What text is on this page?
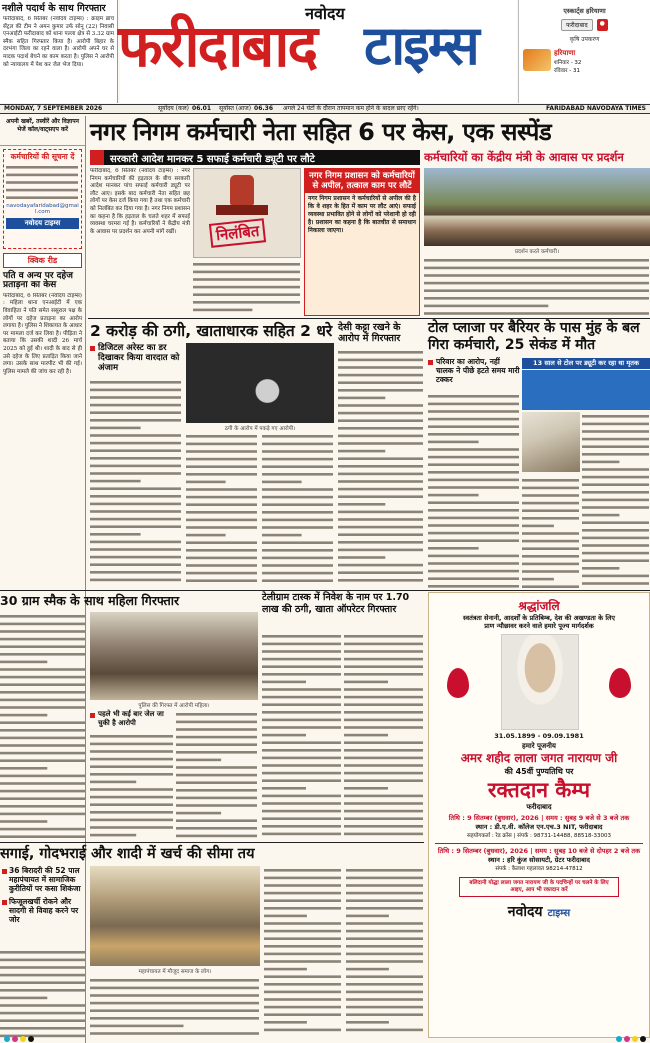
नशीले पदार्थ के साथ गिरफ्तार
फरीदाबाद, 6 सितंबर (नवोदय टाइम्स) : क्राइम ब्रांच सेंट्रल की टीम ने अमन कुमार उर्फ सोनू (22) निवासी एनआईटी फरीदाबाद को थाना पल्ला क्षेत्र से 3.32 ग्राम स्मैक सहित गिरफ्तार किया है। आरोपी बिहार के दरभंगा जिला का रहने वाला है। आरोपी अपने घर से मादक पदार्थ बेचने का काम करता है। पुलिस ने आरोपी को न्यायालय में पेश कर जेल भेज दिया।
नवोदय
फरीदाबाद टाइम्स
एस्कार्ट्स हरियाणा
फरीदाबाद	●
कृषि उपकरण
हरियाणा
शनिवार - 32
रविवार - 31
MONDAY, 7 SEPTEMBER 2026	सूर्योदय (कल) 06.01 सूर्यास्त (आज) 06.36 अगले 24 घंटों के दौरान तापमान कम होने के बादल छाए रहेंगे।	FARIDABAD NAVODAYA TIMES
अपनी खबरें, तस्वीरें और विज्ञापन भेजें कॉल/वाट्सएप करें
कर्मचारियों की सूचना दें
navodayafaridabad@gmail.com
नवोदय टाइम्स
क्विक रीड
पति व अन्य पर दहेज प्रताड़ना का केस
फरीदाबाद, 6 सितंबर (नवोदय टाइम्स) : महिला थाना एनआईटी में एक विवाहिता ने पति समेत ससुराल पक्ष के लोगों पर दहेज प्रताड़ना का आरोप लगाया है। पुलिस ने शिकायत के आधार पर मामला दर्ज कर लिया है। पीड़िता ने बताया कि उसकी शादी 26 मार्च 2025 को हुई थी। शादी के बाद से ही उसे दहेज के लिए प्रताड़ित किया जाने लगा। उसके साथ मारपीट भी की गई। पुलिस मामले की जांच कर रही है।
नगर निगम कर्मचारी नेता सहित 6 पर केस, एक सस्पेंड
सरकारी आदेश मानकर 5 सफाई कर्मचारी ड्यूटी पर लौटे	कर्मचारियों का केंद्रीय मंत्री के आवास पर प्रदर्शन
फरीदाबाद, 6 सितंबर (नवोदय टाइम्स) : नगर निगम कर्मचारियों की हड़ताल के बीच सरकारी आदेश मानकर पांच सफाई कर्मचारी ड्यूटी पर लौट आए। इसके बाद कर्मचारी नेता सहित छह लोगों पर केस दर्ज किया गया है तथा एक कर्मचारी को निलंबित कर दिया गया है। नगर निगम प्रशासन का कहना है कि हड़ताल के चलते शहर में सफाई व्यवस्था चरमरा गई है। कर्मचारियों ने केंद्रीय मंत्री के आवास पर प्रदर्शन कर अपनी मांगें रखीं।	निलंबित
नगर निगम प्रशासन को कर्मचारियों से अपील, तत्काल काम पर लौटें
नगर निगम प्रशासन ने कर्मचारियों से अपील की है कि वे शहर के हित में काम पर लौट आएं। सफाई व्यवस्था प्रभावित होने से लोगों को परेशानी हो रही है। प्रशासन का कहना है कि बातचीत से समाधान निकाला जाएगा।
प्रदर्शन करते कर्मचारी।
2 करोड़ की ठगी, खाताधारक सहित 2 धरे
डिजिटल अरेस्ट का डर दिखाकर किया वारदात को अंजाम
ठगी के आरोप में पकड़े गए आरोपी।
देसी कट्टा रखने के आरोप में गिरफ्तार
टोल प्लाजा पर बैरियर के पास मुंह के बल गिरा कर्मचारी, 25 सेकंड में मौत
परिवार का आरोप, नहीं चालक ने पीछे हटते समय मारी टक्कर
13 साल से टोल पर ड्यूटी कर रहा था मृतक
30 ग्राम स्मैक के साथ महिला गिरफ्तार
पुलिस की गिरफ्त में आरोपी महिला।
पहले भी कई बार जेल जा चुकी है आरोपी
टेलीग्राम टास्क में निवेश के नाम पर 1.70 लाख की ठगी, खाता ऑपरेटर गिरफ्तार
सगाई, गोदभराई और शादी में खर्च की सीमा तय
36 बिरादरी की 52 पाल महापंचायत में सामाजिक कुरीतियों पर कसा शिकंजा
फिजूलखर्ची रोकने और सादगी से विवाह करने पर जोर
महापंचायत में मौजूद समाज के लोग।
श्रद्धांजलि
स्वतंत्रता सेनानी, आदर्शों के प्रतिबिम्ब, देश की अखण्डता के लिए
प्राण न्यौछावर करने वाले हमारे पूज्य मार्गदर्शक
31.05.1899 - 09.09.1981
हमारे पूजनीय
अमर शहीद लाला जगत नारायण जी
की 45वीं पुण्यतिथि पर
रक्तदान कैम्प
फरीदाबाद
तिथि : 9 सितम्बर (बुधवार), 2026 | समय : सुबह 9 बजे से 3 बजे तक
स्थान : डी.ए.वी. कॉलेज एन.एच.3 NIT, फरीदाबाद
सहयोगकर्ता : रेड क्रॉस | संपर्क : 98731-14488, 88518-33003
तिथि : 9 सितम्बर (बुधवार), 2026 | समय : सुबह 10 बजे से दोपहर 2 बजे तक
स्थान : हरि कुंज सोसायटी, ग्रेटर फरीदाबाद
संपर्क : कैलाश गहलावत 98214-47812
बलिदानी योद्धा लाला जगत नारायण जी के पदचिन्हों पर चलने के लिए आइए, आप भी रक्तदान करें
नवोदय टाइम्स
